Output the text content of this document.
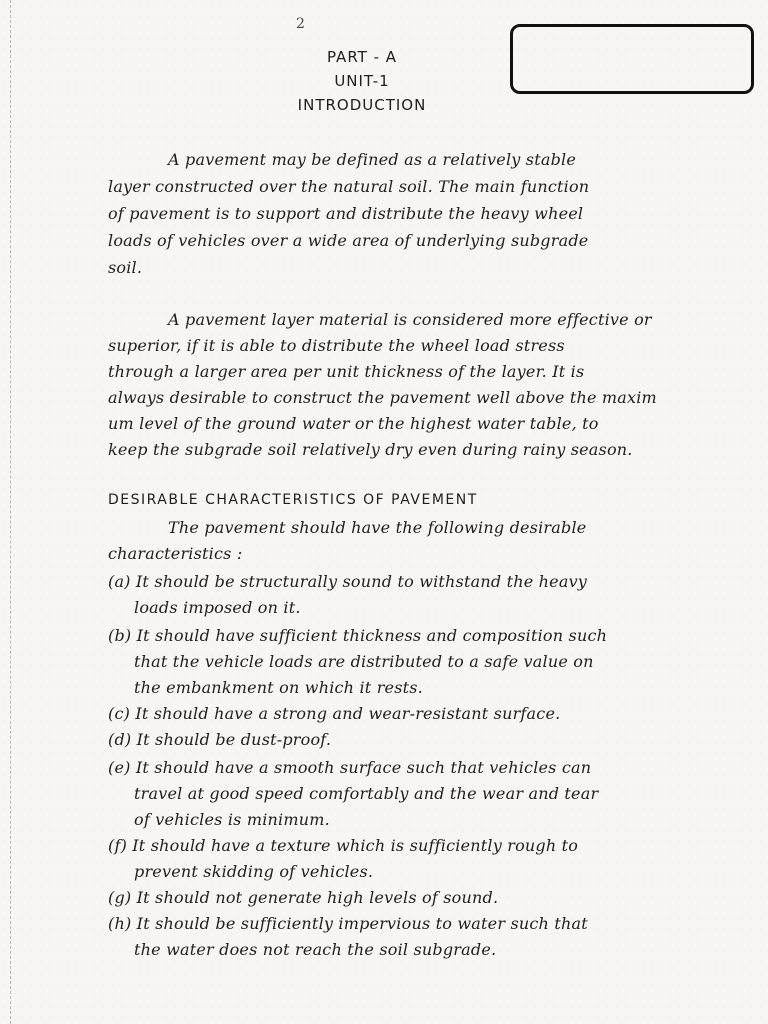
2
PART - A
UNIT-1
INTRODUCTION
A pavement may be defined as a relatively stable
layer constructed over the natural soil. The main function
of pavement is to support and distribute the heavy wheel
loads of vehicles over a wide area of underlying subgrade
soil.
A pavement layer material is considered more effective or
superior, if it is able to distribute the wheel load stress
through a larger area per unit thickness of the layer. It is
always desirable to construct the pavement well above the maxim
um level of the ground water or the highest water table, to
keep the subgrade soil relatively dry even during rainy season.
DESIRABLE CHARACTERISTICS OF PAVEMENT
The pavement should have the following desirable
characteristics :
(a) It should be structurally sound to withstand the heavy
loads imposed on it.
(b) It should have sufficient thickness and composition such
that the vehicle loads are distributed to a safe value on
the embankment on which it rests.
(c) It should have a strong and wear-resistant surface.
(d) It should be dust-proof.
(e) It should have a smooth surface such that vehicles can
travel at good speed comfortably and the wear and tear
of vehicles is minimum.
(f) It should have a texture which is sufficiently rough to
prevent skidding of vehicles.
(g) It should not generate high levels of sound.
(h) It should be sufficiently impervious to water such that
the water does not reach the soil subgrade.
